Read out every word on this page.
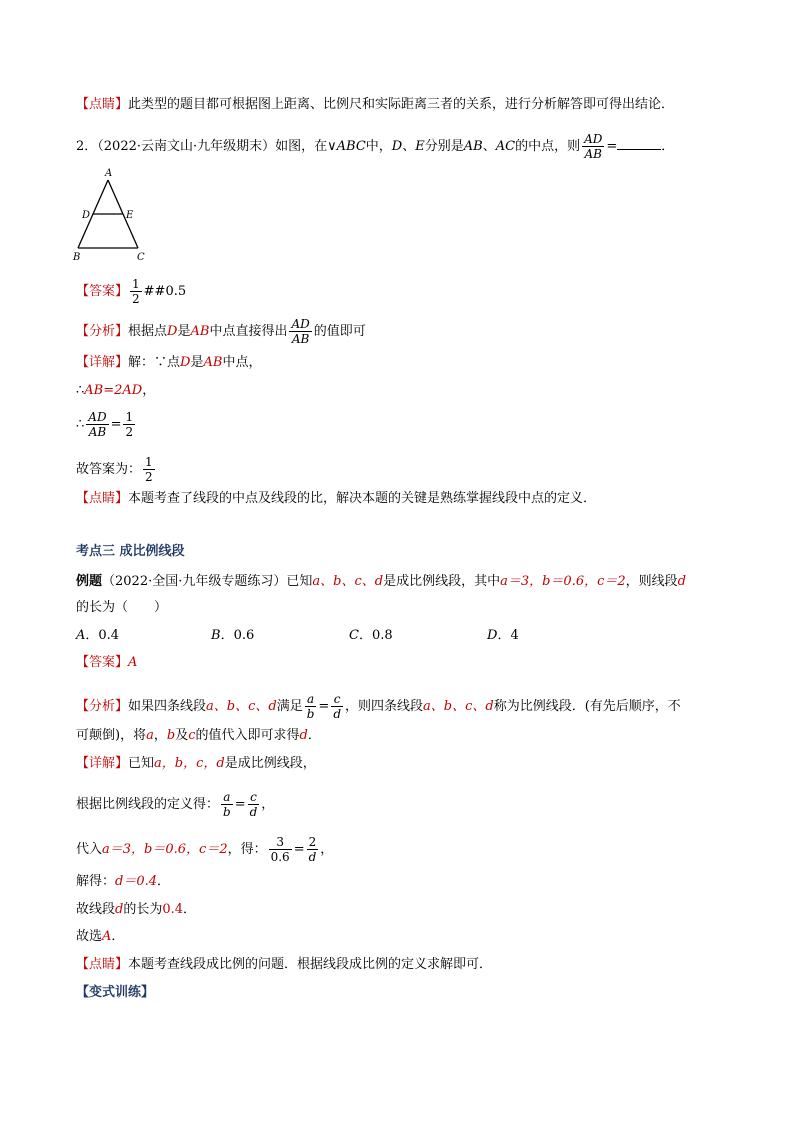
【点睛】此类型的题目都可根据图上距离、比例尺和实际距离三者的关系，进行分析解答即可得出结论．
2．（2022·云南文山·九年级期末）如图，在∨ABC中，D、E分别是AB、AC的中点，则 $\frac{AD}{AB}$ =	．
A
D	E
B	C
【答案】 $\frac{1}{2}$ ##0.5
【分析】根据点D是AB中点直接得出 $\frac{AD}{AB}$ 的值即可
【详解】解：∵点D是AB中点，
∴AB=2AD，
∴ $\frac{AD}{AB} = \frac{1}{2}$
故答案为： $\frac{1}{2}$
【点睛】本题考查了线段的中点及线段的比，解决本题的关键是熟练掌握线段中点的定义．
考点三 成比例线段
例题（2022·全国·九年级专题练习）已知a、b、c、d是成比例线段，其中a＝3，b＝0.6，c＝2，则线段d
的长为（　　）
A．0.4	B．0.6	C．0.8	D．4
【答案】A
【分析】如果四条线段a、b、c、d满足 $\frac{a}{b} = \frac{c}{d}$ ，则四条线段a、b、c、d称为比例线段．(有先后顺序，不
可颠倒)，将a，b及c的值代入即可求得d．
【详解】已知a，b，c，d是成比例线段，
根据比例线段的定义得： $\frac{a}{b} = \frac{c}{d}$ ，
代入a＝3，b＝0.6，c＝2，得： $\frac{3}{0.6} = \frac{2}{d}$ ，
解得：d＝0.4．
故线段d的长为0.4．
故选A．
【点睛】本题考查线段成比例的问题．根据线段成比例的定义求解即可．
【变式训练】
